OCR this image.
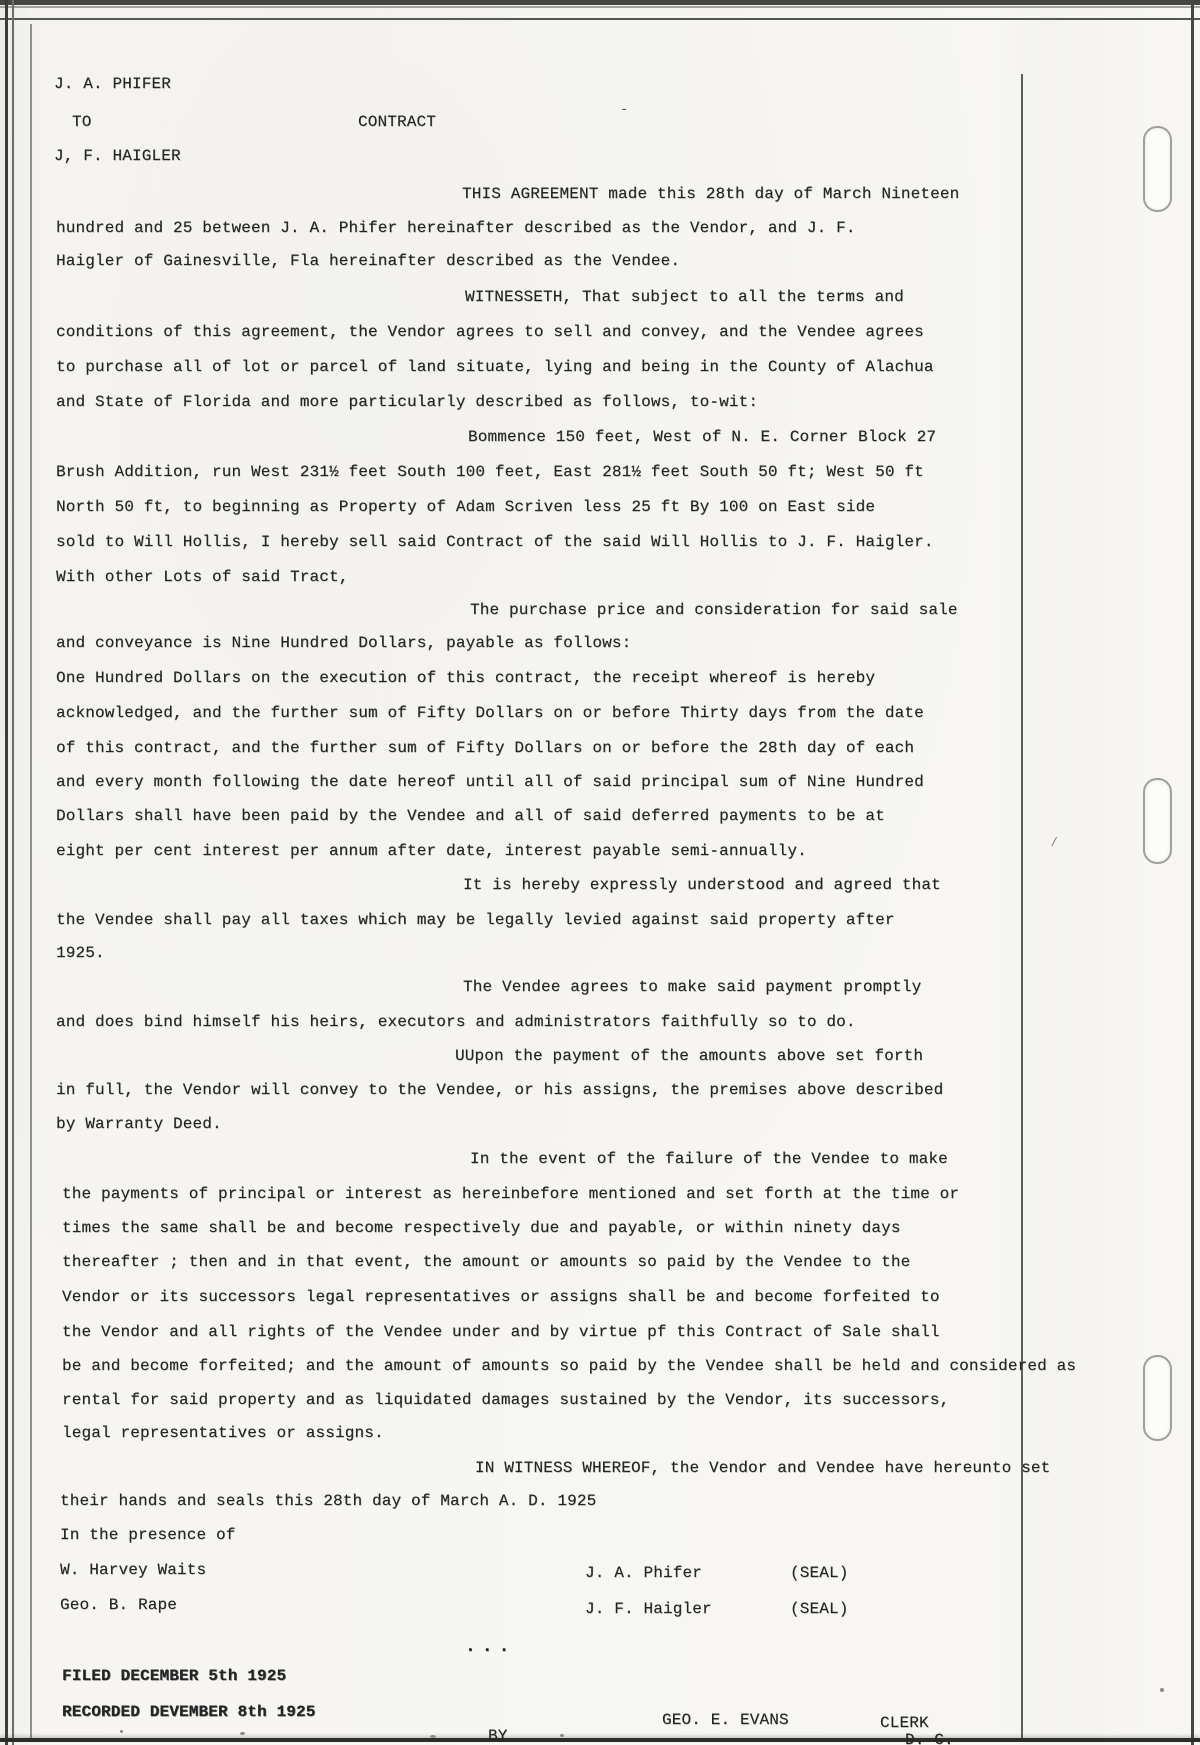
J. A. PHIFER
TO	CONTRACT
J, F. HAIGLER
THIS AGREEMENT made this 28th day of March Nineteen
hundred and 25 between J. A. Phifer hereinafter described as the Vendor, and J. F.
Haigler of Gainesville, Fla hereinafter described as the Vendee.
WITNESSETH, That subject to all the terms and
conditions of this agreement, the Vendor agrees to sell and convey, and the Vendee agrees
to purchase all of lot or parcel of land situate, lying and being in the County of Alachua
and State of Florida and more particularly described as follows, to-wit:
Bommence 150 feet, West of N. E. Corner Block 27
Brush Addition, run West 231½ feet South 100 feet, East 281½ feet South 50 ft; West 50 ft
North 50 ft, to beginning as Property of Adam Scriven less 25 ft By 100 on East side
sold to Will Hollis, I hereby sell said Contract of the said Will Hollis to J. F. Haigler.
With other Lots of said Tract,
The purchase price and consideration for said sale
and conveyance is Nine Hundred Dollars, payable as follows:
One Hundred Dollars on the execution of this contract, the receipt whereof is hereby
acknowledged, and the further sum of Fifty Dollars on or before Thirty days from the date
of this contract, and the further sum of Fifty Dollars on or before the 28th day of each
and every month following the date hereof until all of said principal sum of Nine Hundred
Dollars shall have been paid by the Vendee and all of said deferred payments to be at
eight per cent interest per annum after date, interest payable semi-annually.
It is hereby expressly understood and agreed that
the Vendee shall pay all taxes which may be legally levied against said property after
1925.
The Vendee agrees to make said payment promptly
and does bind himself his heirs, executors and administrators faithfully so to do.
UUpon the payment of the amounts above set forth
in full, the Vendor will convey to the Vendee, or his assigns, the premises above described
by Warranty Deed.
In the event of the failure of the Vendee to make
the payments of principal or interest as hereinbefore mentioned and set forth at the time or
times the same shall be and become respectively due and payable, or within ninety days
thereafter ; then and in that event, the amount or amounts so paid by the Vendee to the
Vendor or its successors legal representatives or assigns shall be and become forfeited to
the Vendor and all rights of the Vendee under and by virtue pf this Contract of Sale shall
be and become forfeited; and the amount of amounts so paid by the Vendee shall be held and considered as
rental for said property and as liquidated damages sustained by the Vendor, its successors,
legal representatives or assigns.
IN WITNESS WHEREOF, the Vendor and Vendee have hereunto set
their hands and seals this 28th day of March A. D. 1925
In the presence of
W. Harvey Waits	J. A. Phifer	(SEAL)
Geo. B. Rape	J. F. Haigler	(SEAL)
...
FILED DECEMBER 5th 1925
RECORDED DEVEMBER 8th 1925
BY
GEO. E. EVANS	CLERK
D. C.
⁄
-
